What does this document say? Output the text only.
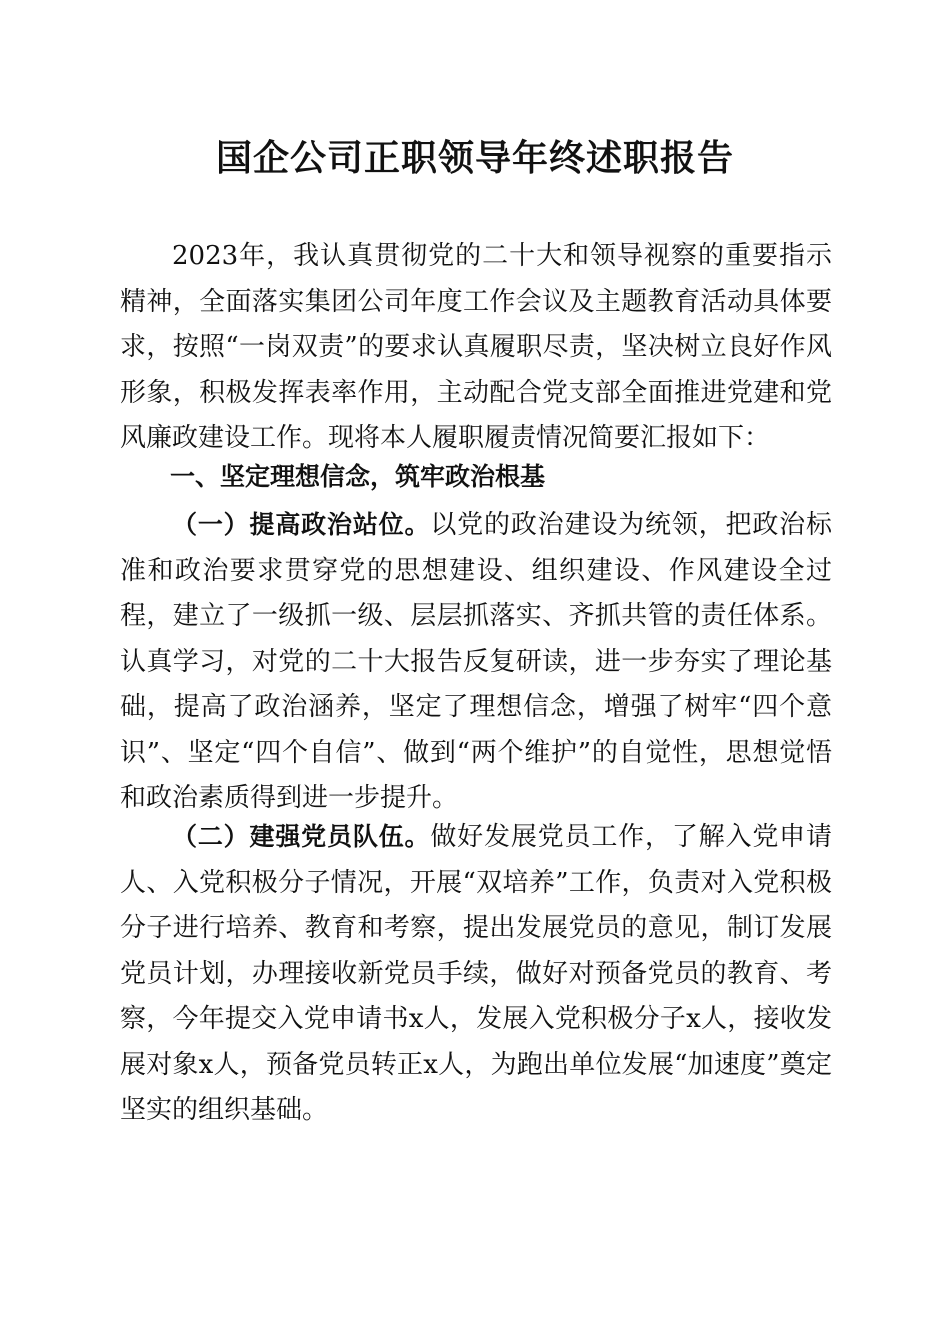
国企公司正职领导年终述职报告

2023年，我认真贯彻党的二十大和领导视察的重要指示精神，全面落实集团公司年度工作会议及主题教育活动具体要求，按照“一岗双责”的要求认真履职尽责，坚决树立良好作风形象，积极发挥表率作用，主动配合党支部全面推进党建和党风廉政建设工作。现将本人履职履责情况简要汇报如下：

一、坚定理想信念，筑牢政治根基

（一）提高政治站位。以党的政治建设为统领，把政治标准和政治要求贯穿党的思想建设、组织建设、作风建设全过程，建立了一级抓一级、层层抓落实、齐抓共管的责任体系。认真学习，对党的二十大报告反复研读，进一步夯实了理论基础，提高了政治涵养，坚定了理想信念，增强了树牢“四个意识”、坚定“四个自信”、做到“两个维护”的自觉性，思想觉悟和政治素质得到进一步提升。

（二）建强党员队伍。做好发展党员工作，了解入党申请人、入党积极分子情况，开展“双培养”工作，负责对入党积极分子进行培养、教育和考察，提出发展党员的意见，制订发展党员计划，办理接收新党员手续，做好对预备党员的教育、考察，今年提交入党申请书x人，发展入党积极分子x人，接收发展对象x人，预备党员转正x人，为跑出单位发展“加速度”奠定坚实的组织基础。
